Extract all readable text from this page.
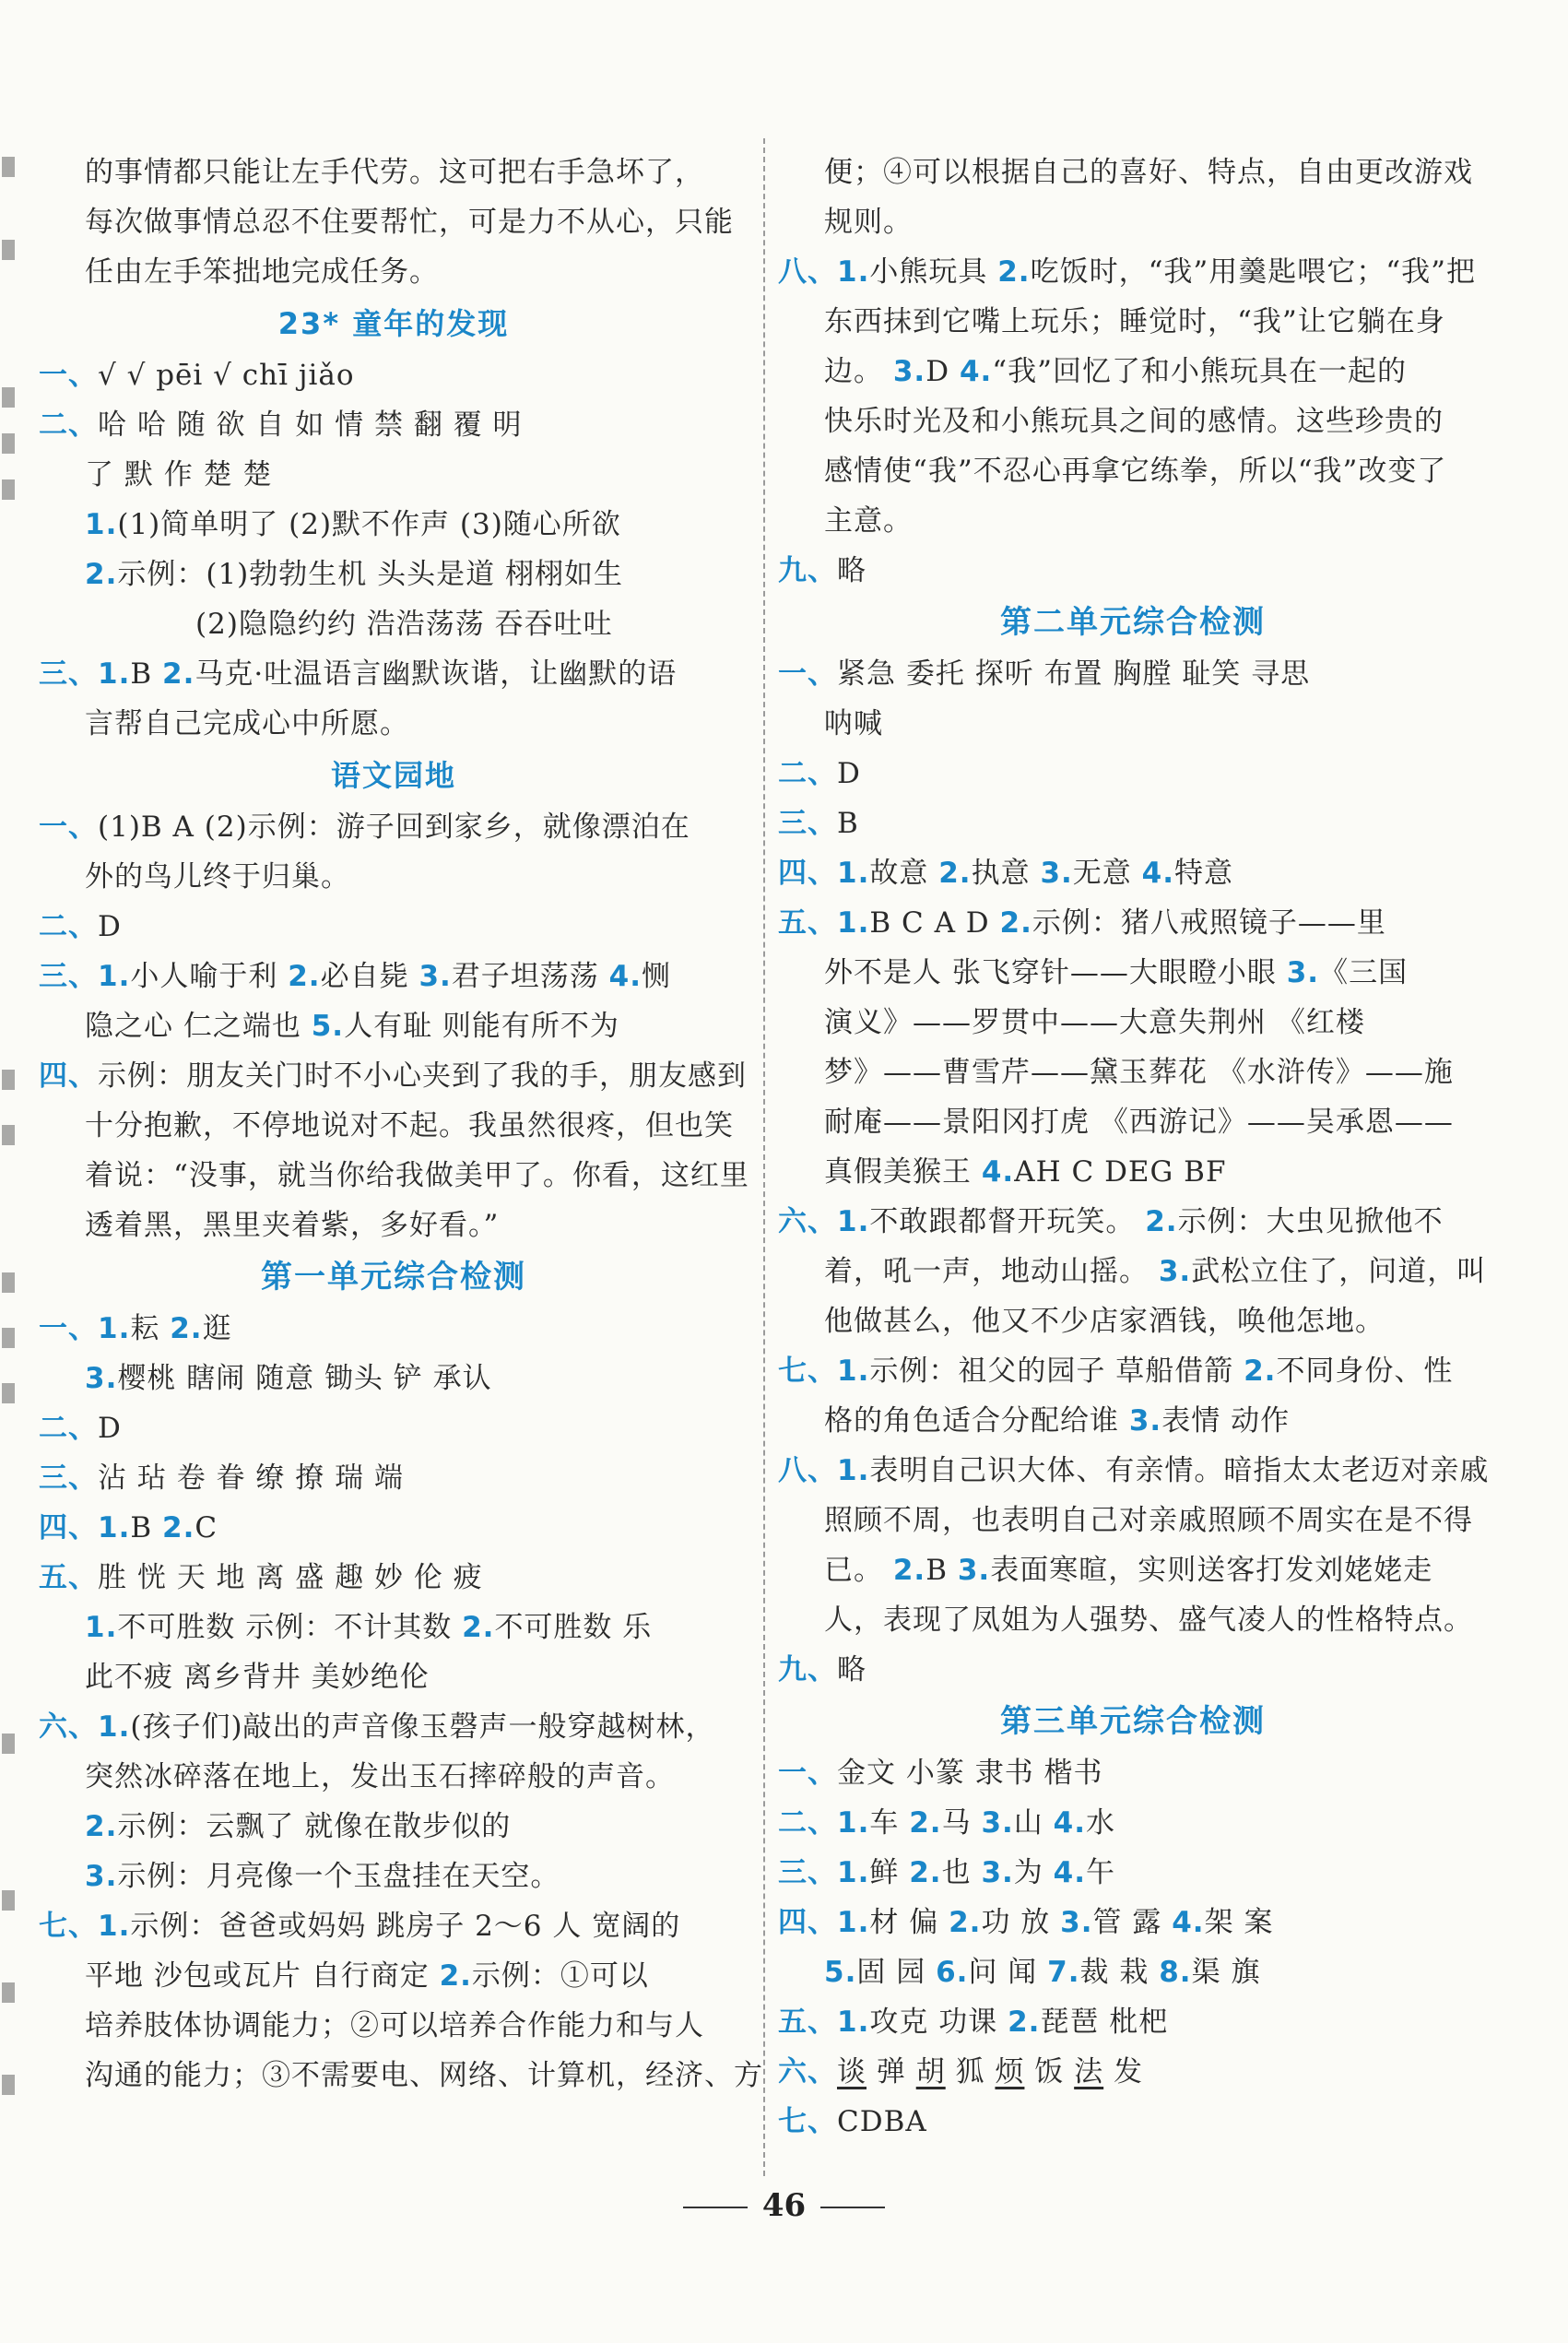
的事情都只能让左手代劳。这可把右手急坏了，
每次做事情总忍不住要帮忙，可是力不从心，只能
任由左手笨拙地完成任务。
23* 童年的发现
一、√ √ pēi √ chī jiǎo
二、哈 哈 随 欲 自 如 情 禁 翻 覆 明
了 默 作 楚 楚
1.(1)简单明了 (2)默不作声 (3)随心所欲
2.示例：(1)勃勃生机 头头是道 栩栩如生
(2)隐隐约约 浩浩荡荡 吞吞吐吐
三、1.B 2.马克·吐温语言幽默诙谐，让幽默的语
言帮自己完成心中所愿。
语文园地
一、(1)B A (2)示例：游子回到家乡，就像漂泊在
外的鸟儿终于归巢。
二、D
三、1.小人喻于利 2.必自毙 3.君子坦荡荡 4.恻
隐之心 仁之端也 5.人有耻 则能有所不为
四、示例：朋友关门时不小心夹到了我的手，朋友感到
十分抱歉，不停地说对不起。我虽然很疼，但也笑
着说：“没事，就当你给我做美甲了。你看，这红里
透着黑，黑里夹着紫，多好看。”
第一单元综合检测
一、1.耘 2.逛
3.樱桃 瞎闹 随意 锄头 铲 承认
二、D
三、沾 玷 卷 眷 缭 撩 瑞 端
四、1.B 2.C
五、胜 恍 天 地 离 盛 趣 妙 伦 疲
1.不可胜数 示例：不计其数 2.不可胜数 乐
此不疲 离乡背井 美妙绝伦
六、1.(孩子们)敲出的声音像玉磬声一般穿越树林，
突然冰碎落在地上，发出玉石摔碎般的声音。
2.示例：云飘了 就像在散步似的
3.示例：月亮像一个玉盘挂在天空。
七、1.示例：爸爸或妈妈 跳房子 2～6 人 宽阔的
平地 沙包或瓦片 自行商定 2.示例：①可以
培养肢体协调能力；②可以培养合作能力和与人
沟通的能力；③不需要电、网络、计算机，经济、方
便；④可以根据自己的喜好、特点，自由更改游戏
规则。
八、1.小熊玩具 2.吃饭时，“我”用羹匙喂它；“我”把
东西抹到它嘴上玩乐；睡觉时，“我”让它躺在身
边。 3.D 4.“我”回忆了和小熊玩具在一起的
快乐时光及和小熊玩具之间的感情。这些珍贵的
感情使“我”不忍心再拿它练拳，所以“我”改变了
主意。
九、略
第二单元综合检测
一、紧急 委托 探听 布置 胸膛 耻笑 寻思
呐喊
二、D
三、B
四、1.故意 2.执意 3.无意 4.特意
五、1.B C A D 2.示例：猪八戒照镜子——里
外不是人 张飞穿针——大眼瞪小眼 3.《三国
演义》——罗贯中——大意失荆州 《红楼
梦》——曹雪芹——黛玉葬花 《水浒传》——施
耐庵——景阳冈打虎 《西游记》——吴承恩——
真假美猴王 4.AH C DEG BF
六、1.不敢跟都督开玩笑。 2.示例：大虫见掀他不
着，吼一声，地动山摇。 3.武松立住了，问道，叫
他做甚么，他又不少店家酒钱，唤他怎地。
七、1.示例：祖父的园子 草船借箭 2.不同身份、性
格的角色适合分配给谁 3.表情 动作
八、1.表明自己识大体、有亲情。暗指太太老迈对亲戚
照顾不周，也表明自己对亲戚照顾不周实在是不得
已。 2.B 3.表面寒暄，实则送客打发刘姥姥走
人，表现了凤姐为人强势、盛气凌人的性格特点。
九、略
第三单元综合检测
一、金文 小篆 隶书 楷书
二、1.车 2.马 3.山 4.水
三、1.鲜 2.也 3.为 4.午
四、1.材 偏 2.功 放 3.管 露 4.架 案
5.固 园 6.问 闻 7.裁 栽 8.渠 旗
五、1.攻克 功课 2.琵琶 枇杷
六、谈 弹 胡 狐 烦 饭 法 发
七、CDBA
46
